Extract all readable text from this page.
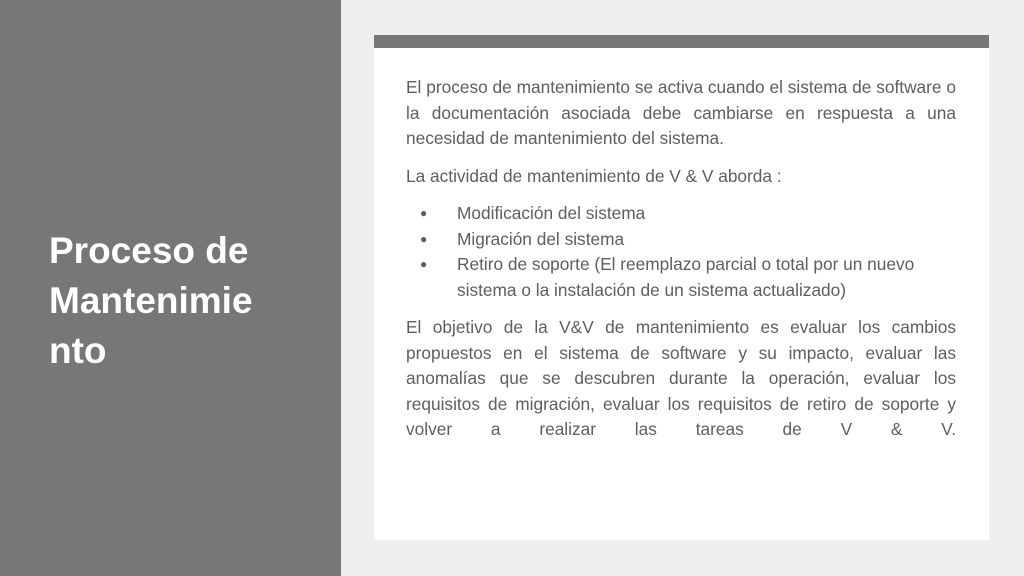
Proceso de
Mantenimie
nto

El proceso de mantenimiento se activa cuando el sistema de software o la documentación asociada debe cambiarse en respuesta a una necesidad de mantenimiento del sistema.

La actividad de mantenimiento de V & V aborda :

● Modificación del sistema
● Migración del sistema
● Retiro de soporte (El reemplazo parcial o total por un nuevo sistema o la instalación de un sistema actualizado)

El objetivo de la V&V de mantenimiento es evaluar los cambios propuestos en el sistema de software y su impacto, evaluar las anomalías que se descubren durante la operación, evaluar los requisitos de migración, evaluar los requisitos de retiro de soporte y volver a realizar las tareas de V & V.
